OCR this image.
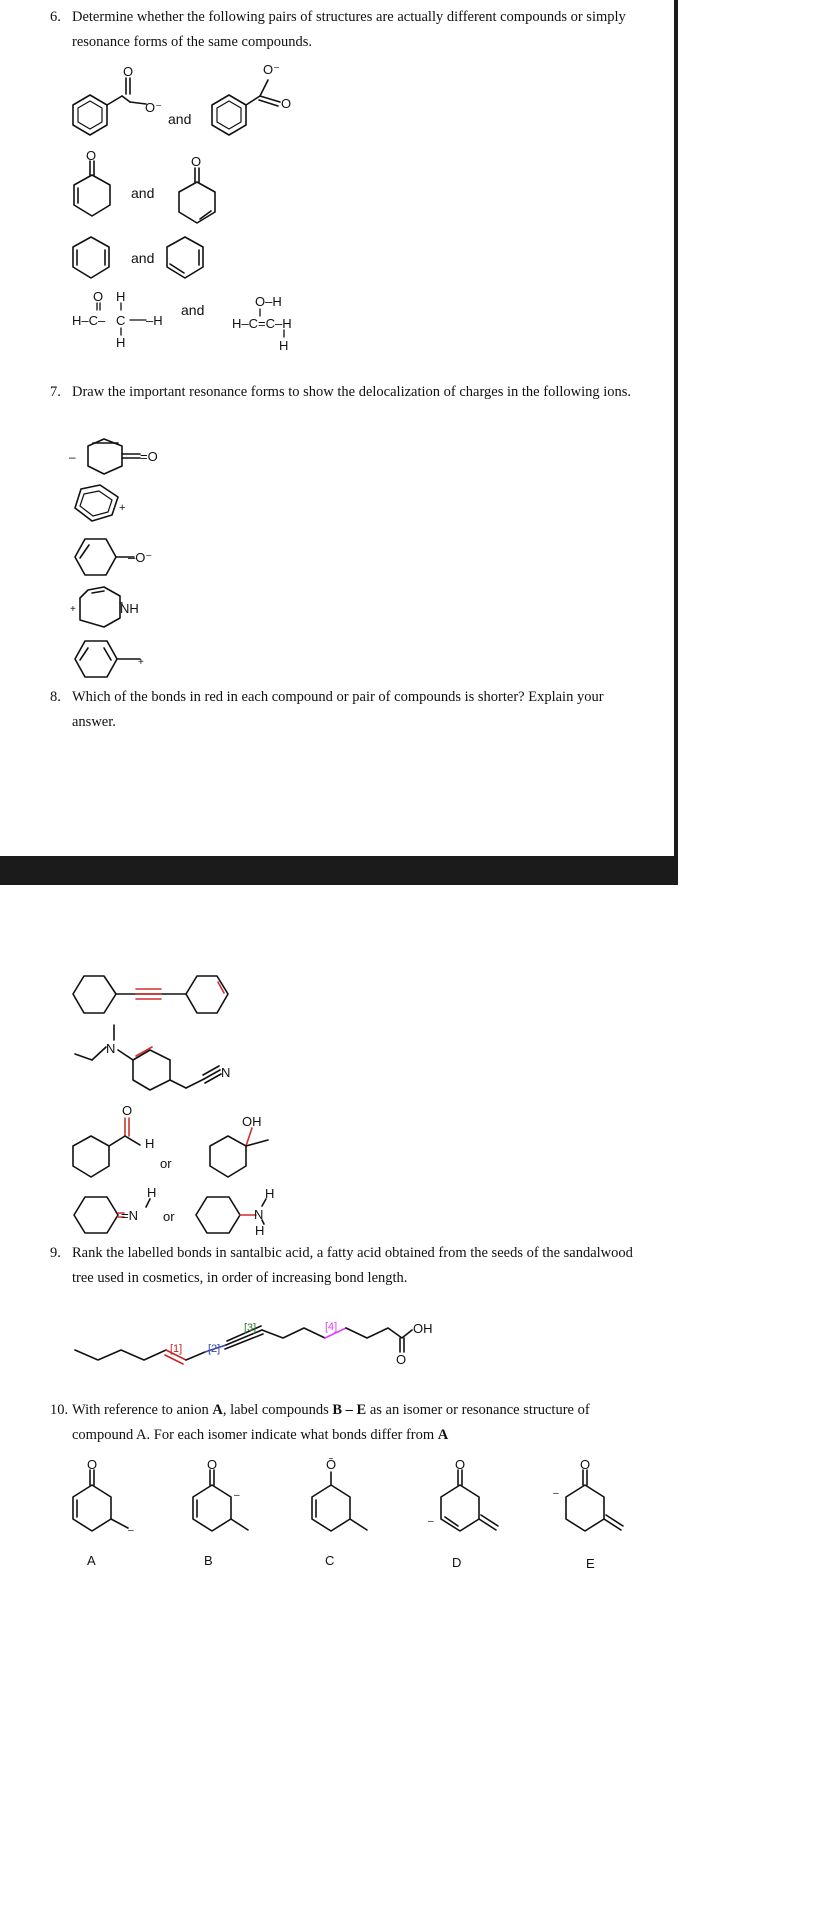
6. Determine whether the following pairs of structures are actually different compounds or simply resonance forms of the same compounds.
7. Draw the important resonance forms to show the delocalization of charges in the following ions.
8. Which of the bonds in red in each compound or pair of compounds is shorter? Explain your answer.
9. Rank the labelled bonds in santalbic acid, a fatty acid obtained from the seeds of the sandalwood tree used in cosmetics, in order of increasing bond length.
10. With reference to anion A, label compounds B – E as an isomer or resonance structure of compound A. For each isomer indicate what bonds differ from A
O
O⁻
and
O⁻
O
O
and
O
and
O H
H–C– C –H
H
and
O–H
H–C=C–H
H
=O
–
+
–O⁻
NH
+
+
N
N
O
H
or
OH
=N
H
or	N
H
H
[1] [2]
[3]	[4]	OH
O
O
–
A
O
–
B
Ō
C
O
–
D
O
–
E
